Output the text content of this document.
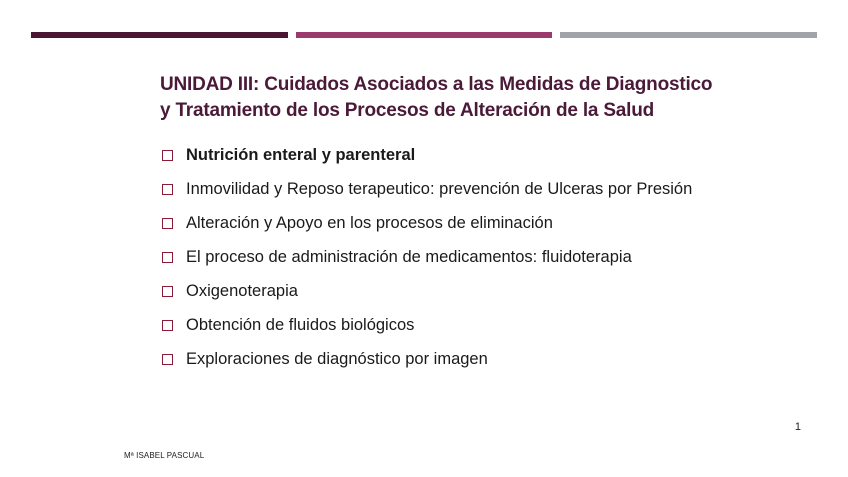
UNIDAD III: Cuidados Asociados a las Medidas de Diagnostico
y Tratamiento de los Procesos de Alteración de la Salud
Nutrición enteral y parenteral
Inmovilidad y Reposo terapeutico: prevención de Ulceras por Presión
Alteración y Apoyo en los procesos de eliminación
El proceso de administración de medicamentos: fluidoterapia
Oxigenoterapia
Obtención de fluidos biológicos
Exploraciones de diagnóstico por imagen
1
Mª ISABEL PASCUAL
